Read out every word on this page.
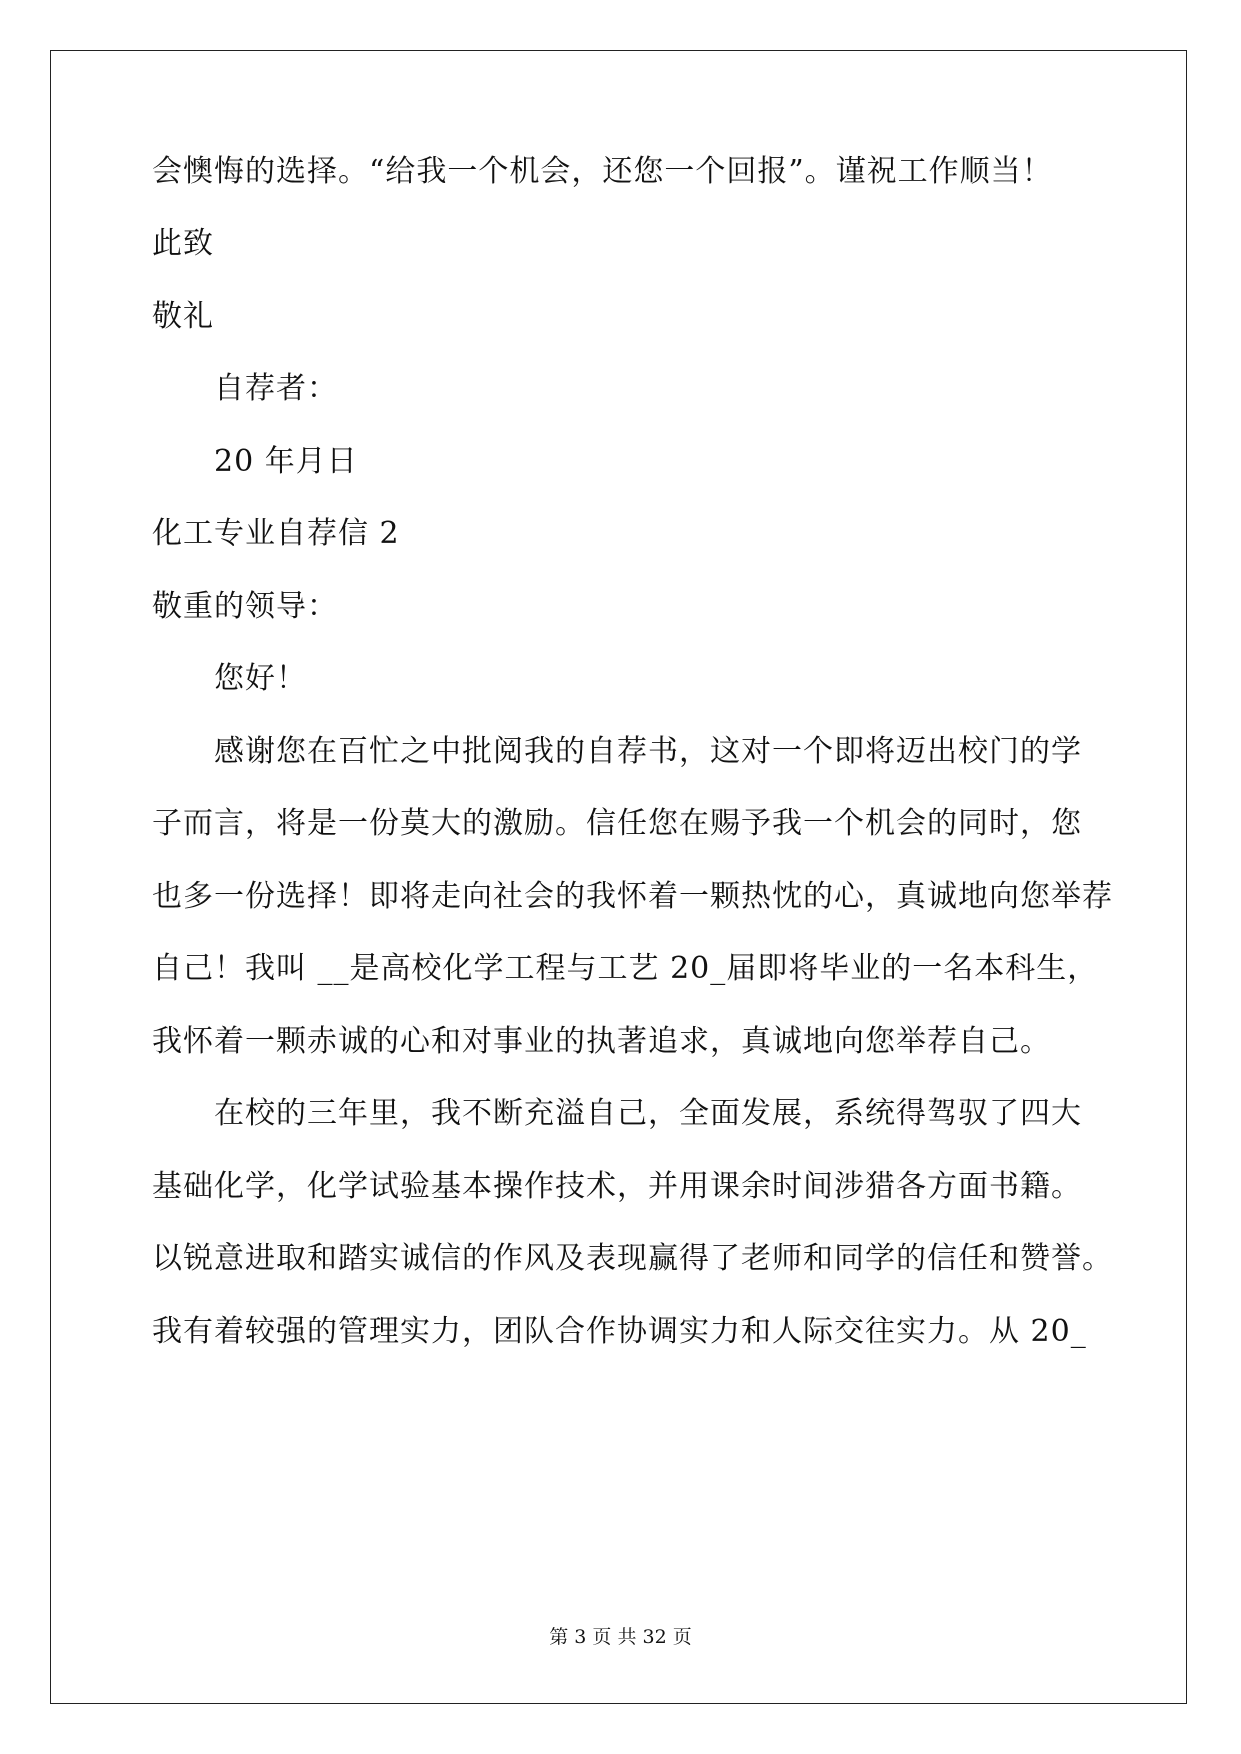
会懊悔的选择。“给我一个机会，还您一个回报”。谨祝工作顺当！
此致
敬礼
自荐者：
20 年月日
化工专业自荐信 2
敬重的领导：
您好！
感谢您在百忙之中批阅我的自荐书，这对一个即将迈出校门的学
子而言，将是一份莫大的激励。信任您在赐予我一个机会的同时，您
也多一份选择！即将走向社会的我怀着一颗热忱的心，真诚地向您举荐
自己！我叫 __是高校化学工程与工艺 20_届即将毕业的一名本科生，
我怀着一颗赤诚的心和对事业的执著追求，真诚地向您举荐自己。
在校的三年里，我不断充溢自己，全面发展，系统得驾驭了四大
基础化学，化学试验基本操作技术，并用课余时间涉猎各方面书籍。
以锐意进取和踏实诚信的作风及表现赢得了老师和同学的信任和赞誉。
我有着较强的管理实力，团队合作协调实力和人际交往实力。从 20_
第 3 页 共 32 页
